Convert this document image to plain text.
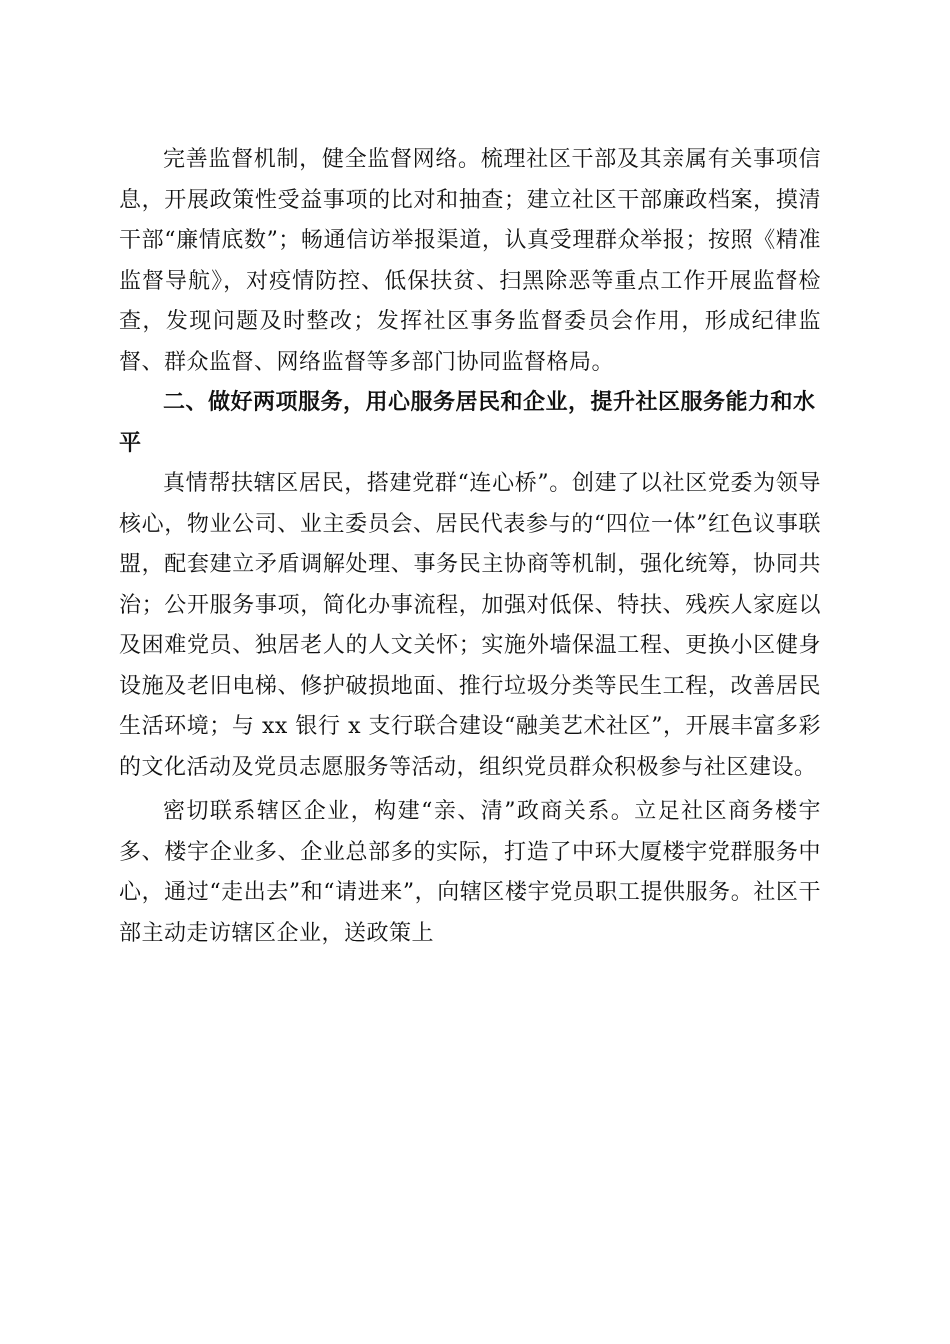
完善监督机制，健全监督网络。梳理社区干部及其亲属有关事项信息，开展政策性受益事项的比对和抽查；建立社区干部廉政档案，摸清干部“廉情底数”；畅通信访举报渠道，认真受理群众举报；按照《精准监督导航》，对疫情防控、低保扶贫、扫黑除恶等重点工作开展监督检查，发现问题及时整改；发挥社区事务监督委员会作用，形成纪律监督、群众监督、网络监督等多部门协同监督格局。

二、做好两项服务，用心服务居民和企业，提升社区服务能力和水平

真情帮扶辖区居民，搭建党群“连心桥”。创建了以社区党委为领导核心，物业公司、业主委员会、居民代表参与的“四位一体”红色议事联盟，配套建立矛盾调解处理、事务民主协商等机制，强化统筹，协同共治；公开服务事项，简化办事流程，加强对低保、特扶、残疾人家庭以及困难党员、独居老人的人文关怀；实施外墙保温工程、更换小区健身设施及老旧电梯、修护破损地面、推行垃圾分类等民生工程，改善居民生活环境；与 xx 银行 x 支行联合建设“融美艺术社区”，开展丰富多彩的文化活动及党员志愿服务等活动，组织党员群众积极参与社区建设。

密切联系辖区企业，构建“亲、清”政商关系。立足社区商务楼宇多、楼宇企业多、企业总部多的实际，打造了中环大厦楼宇党群服务中心，通过“走出去”和“请进来”，向辖区楼宇党员职工提供服务。社区干部主动走访辖区企业，送政策上
